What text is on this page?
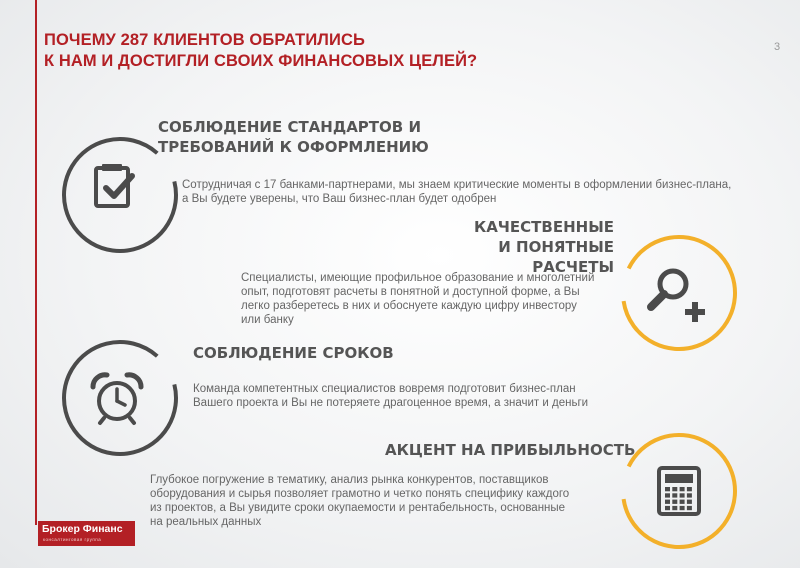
ПОЧЕМУ 287 КЛИЕНТОВ ОБРАТИЛИСЬ
К НАМ И ДОСТИГЛИ СВОИХ ФИНАНСОВЫХ ЦЕЛЕЙ?
3
СОБЛЮДЕНИЕ СТАНДАРТОВ И
ТРЕБОВАНИЙ К ОФОРМЛЕНИЮ

Сотрудничая с 17 банками-партнерами, мы знаем критические моменты в оформлении бизнес-плана,
а Вы будете уверены, что Ваш бизнес-план будет одобрен

КАЧЕСТВЕННЫЕ
И ПОНЯТНЫЕ РАСЧЕТЫ

Специалисты, имеющие профильное образование и многолетний
опыт, подготовят расчеты в понятной и доступной форме, а Вы
легко разберетесь в них и обоснуете каждую цифру инвестору
или банку

СОБЛЮДЕНИЕ СРОКОВ

Команда компетентных специалистов вовремя подготовит бизнес-план
Вашего проекта и Вы не потеряете драгоценное время, а значит и деньги

АКЦЕНТ НА ПРИБЫЛЬНОСТЬ

Глубокое погружение в тематику, анализ рынка конкурентов, поставщиков
оборудования и сырья позволяет грамотно и четко понять специфику каждого
из проектов, а Вы увидите сроки окупаемости и рентабельность, основанные
на реальных данных

Брокер Финанс
консалтинговая группа
